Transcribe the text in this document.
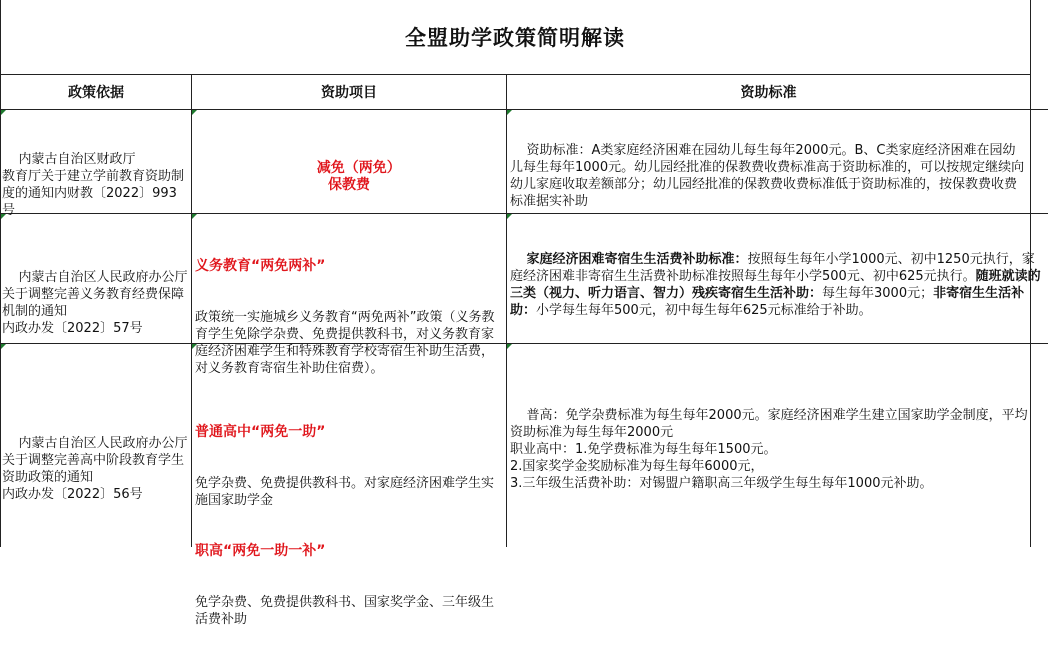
全盟助学政策简明解读
政策依据	资助项目	资助标准

内蒙古自治区财政厅
教育厅关于建立学前教育资助制度的通知内财教〔2022〕993号

减免（两免）
保教费

资助标准：A类家庭经济困难在园幼儿每生每年2000元。B、C类家庭经济困难在园幼儿每生每年1000元。幼儿园经批准的保教费收费标准高于资助标准的，可以按规定继续向幼儿家庭收取差额部分；幼儿园经批准的保教费收费标准低于资助标准的，按保教费收费标准据实补助

内蒙古自治区人民政府办公厅关于调整完善义务教育经费保障机制的通知
内政办发〔2022〕57号

义务教育“两免两补”

政策统一实施城乡义务教育“两免两补”政策（义务教育学生免除学杂费、免费提供教科书，对义务教育家庭经济困难学生和特殊教育学校寄宿生补助生活费，对义务教育寄宿生补助住宿费）。

家庭经济困难寄宿生生活费补助标准：按照每生每年小学1000元、初中1250元执行，家庭经济困难非寄宿生生活费补助标准按照每生每年小学500元、初中625元执行。随班就读的三类（视力、听力语言、智力）残疾寄宿生生活补助：每生每年3000元；非寄宿生生活补助：小学每生每年500元，初中每生每年625元标准给于补助。

内蒙古自治区人民政府办公厅关于调整完善高中阶段教育学生资助政策的通知
内政办发〔2022〕56号

普通高中“两免一助”

免学杂费、免费提供教科书。对家庭经济困难学生实施国家助学金

职高“两免一助一补”

免学杂费、免费提供教科书、国家奖学金、三年级生活费补助

普高：免学杂费标准为每生每年2000元。家庭经济困难学生建立国家助学金制度，平均资助标准为每生每年2000元
职业高中：1.免学费标准为每生每年1500元。
2.国家奖学金奖励标准为每生每年6000元，
3.三年级生活费补助：对锡盟户籍职高三年级学生每生每年1000元补助。
